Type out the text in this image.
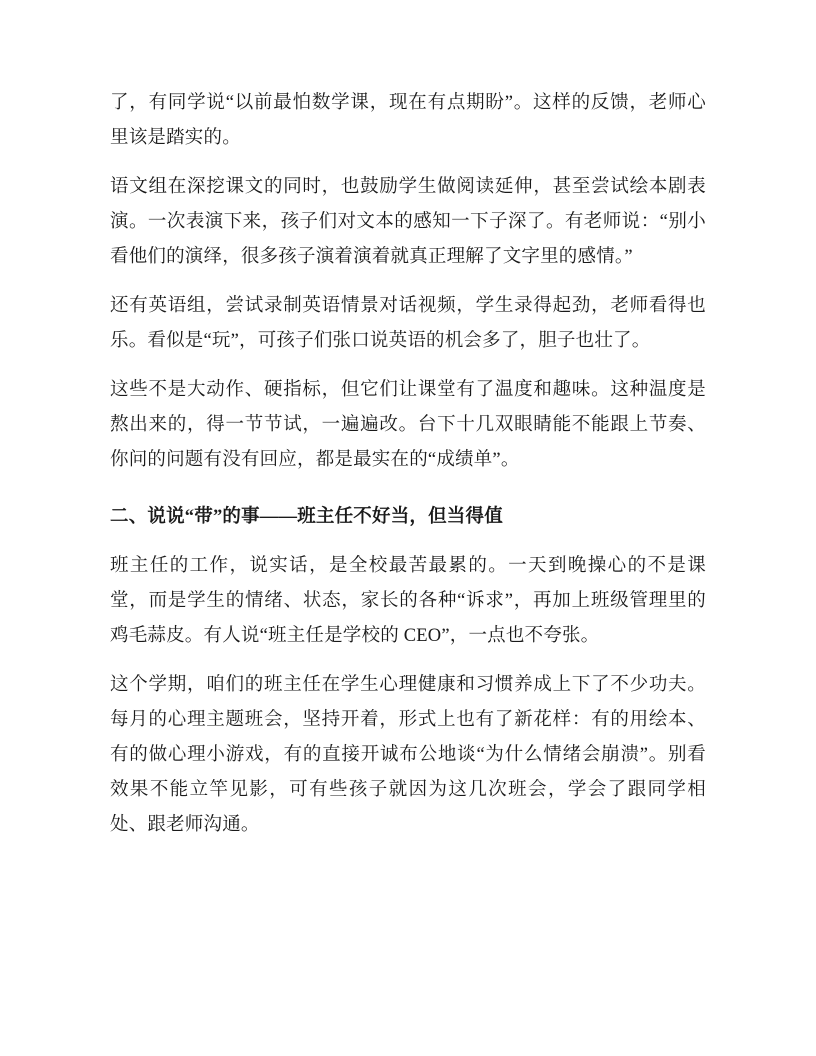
了，有同学说“以前最怕数学课，现在有点期盼”。这样的反馈，老师心里该是踏实的。

语文组在深挖课文的同时，也鼓励学生做阅读延伸，甚至尝试绘本剧表演。一次表演下来，孩子们对文本的感知一下子深了。有老师说：“别小看他们的演绎，很多孩子演着演着就真正理解了文字里的感情。”

还有英语组，尝试录制英语情景对话视频，学生录得起劲，老师看得也乐。看似是“玩”，可孩子们张口说英语的机会多了，胆子也壮了。

这些不是大动作、硬指标，但它们让课堂有了温度和趣味。这种温度是熬出来的，得一节节试，一遍遍改。台下十几双眼睛能不能跟上节奏、你问的问题有没有回应，都是最实在的“成绩单”。

二、说说“带”的事——班主任不好当，但当得值

班主任的工作，说实话，是全校最苦最累的。一天到晚操心的不是课堂，而是学生的情绪、状态，家长的各种“诉求”，再加上班级管理里的鸡毛蒜皮。有人说“班主任是学校的 CEO”，一点也不夸张。

这个学期，咱们的班主任在学生心理健康和习惯养成上下了不少功夫。每月的心理主题班会，坚持开着，形式上也有了新花样：有的用绘本、有的做心理小游戏，有的直接开诚布公地谈“为什么情绪会崩溃”。别看效果不能立竿见影，可有些孩子就因为这几次班会，学会了跟同学相处、跟老师沟通。
